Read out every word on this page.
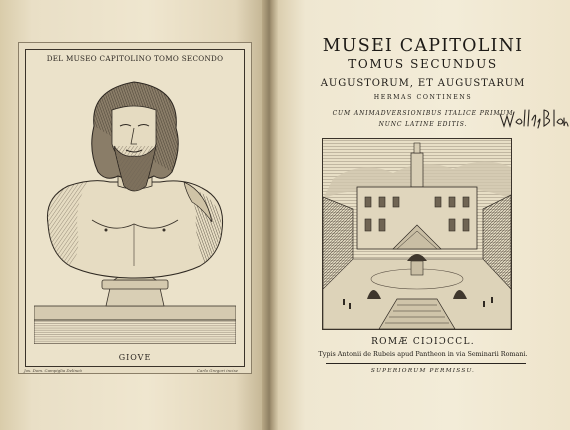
DEL MUSEO CAPITOLINO TOMO SECONDO
GIOVE
Jos. Dom. Campiglia Delineò	Carlo Gregori incise
MUSEI CAPITOLINI
TOMUS SECUNDUS
AUGUSTORUM, ET AUGUSTARUM
HERMAS CONTINENS
CUM ANIMADVERSIONIBUS ITALICE PRIMUM
NUNC LATINE EDITIS.
ROMÆ CIƆIƆCCL.
Typis Antonii de Rubeis apud Pantheon in via Seminarii Romani.
SUPERIORUM PERMISSU.
